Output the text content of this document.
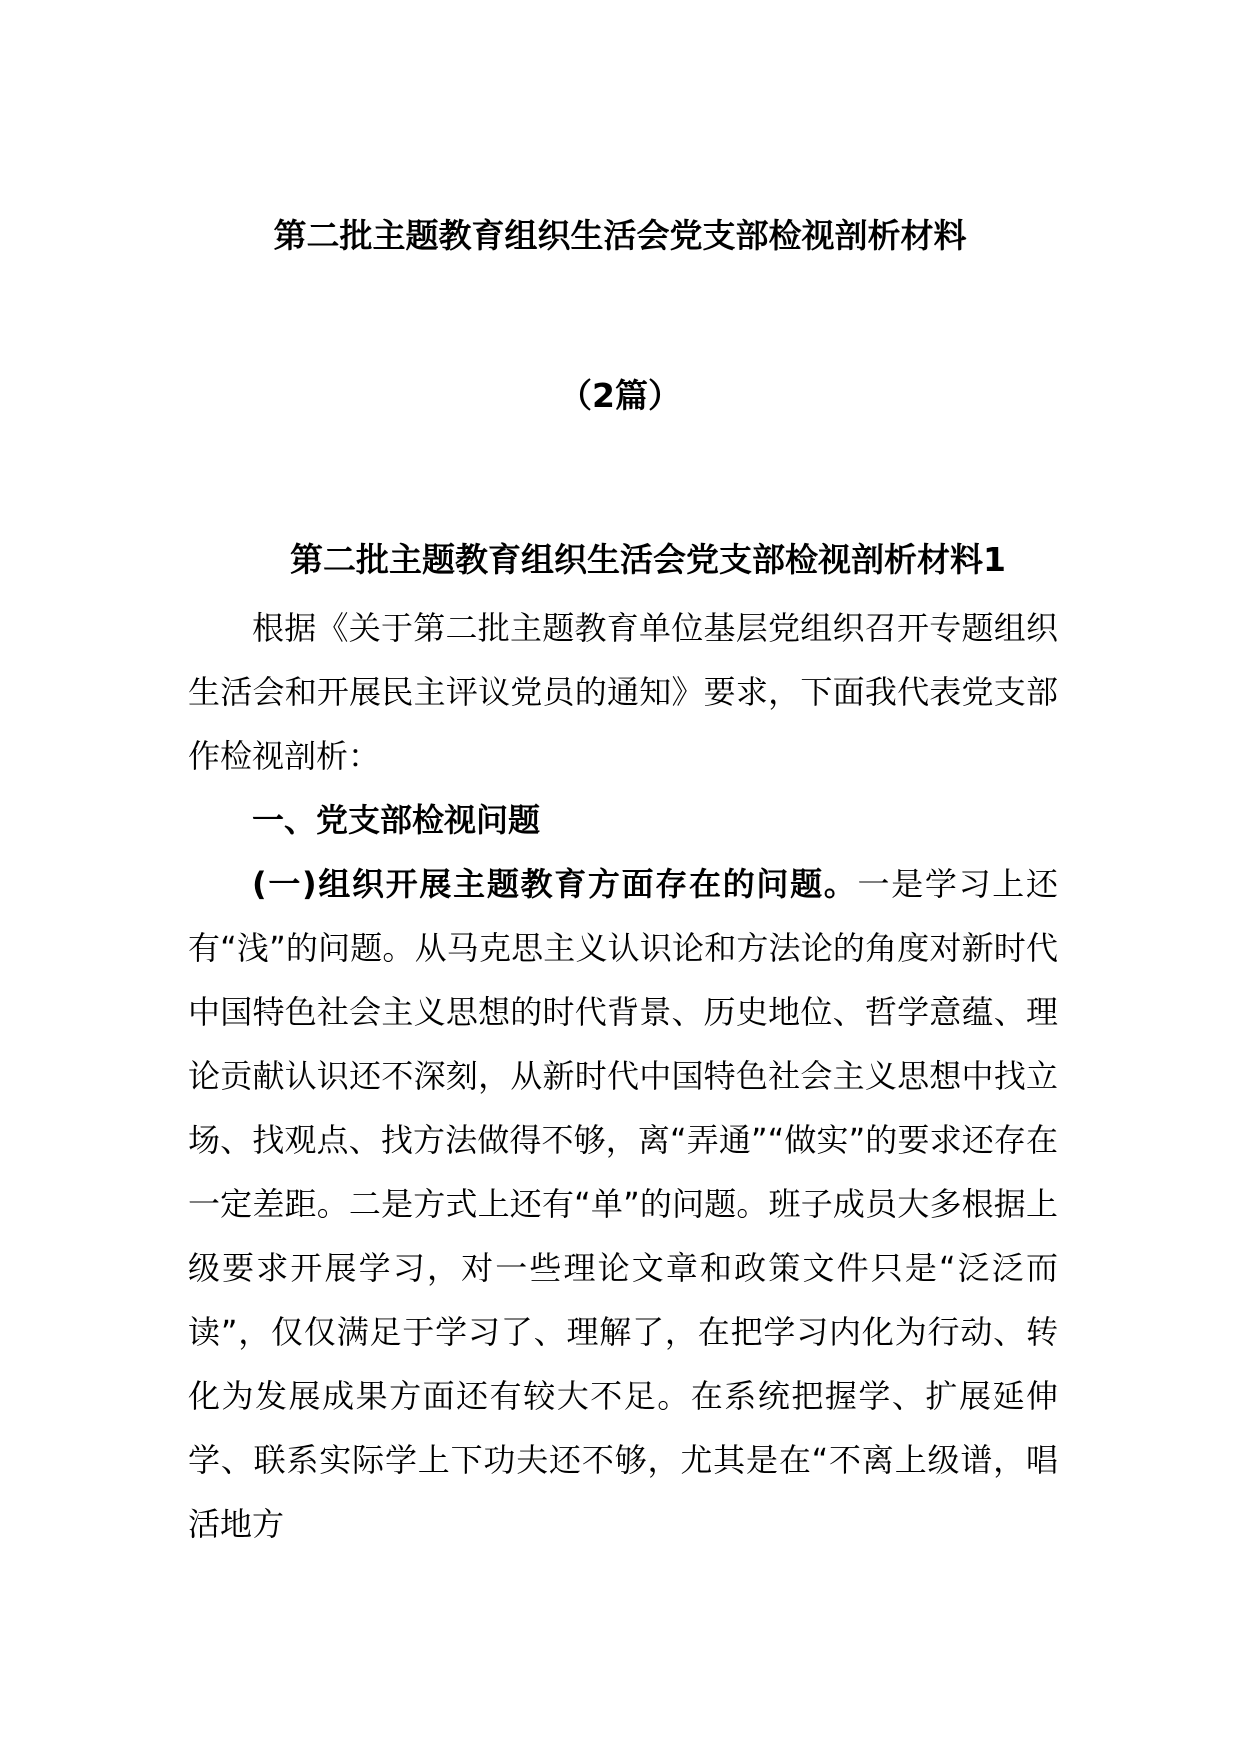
第二批主题教育组织生活会党支部检视剖析材料
（2篇）
第二批主题教育组织生活会党支部检视剖析材料1

根据《关于第二批主题教育单位基层党组织召开专题组织生活会和开展民主评议党员的通知》要求，下面我代表党支部作检视剖析：

一、党支部检视问题

(一)组织开展主题教育方面存在的问题。一是学习上还有“浅”的问题。从马克思主义认识论和方法论的角度对新时代中国特色社会主义思想的时代背景、历史地位、哲学意蕴、理论贡献认识还不深刻，从新时代中国特色社会主义思想中找立场、找观点、找方法做得不够，离“弄通”“做实”的要求还存在一定差距。二是方式上还有“单”的问题。班子成员大多根据上级要求开展学习，对一些理论文章和政策文件只是“泛泛而读”，仅仅满足于学习了、理解了，在把学习内化为行动、转化为发展成果方面还有较大不足。在系统把握学、扩展延伸学、联系实际学上下功夫还不够，尤其是在“不离上级谱，唱活地方
